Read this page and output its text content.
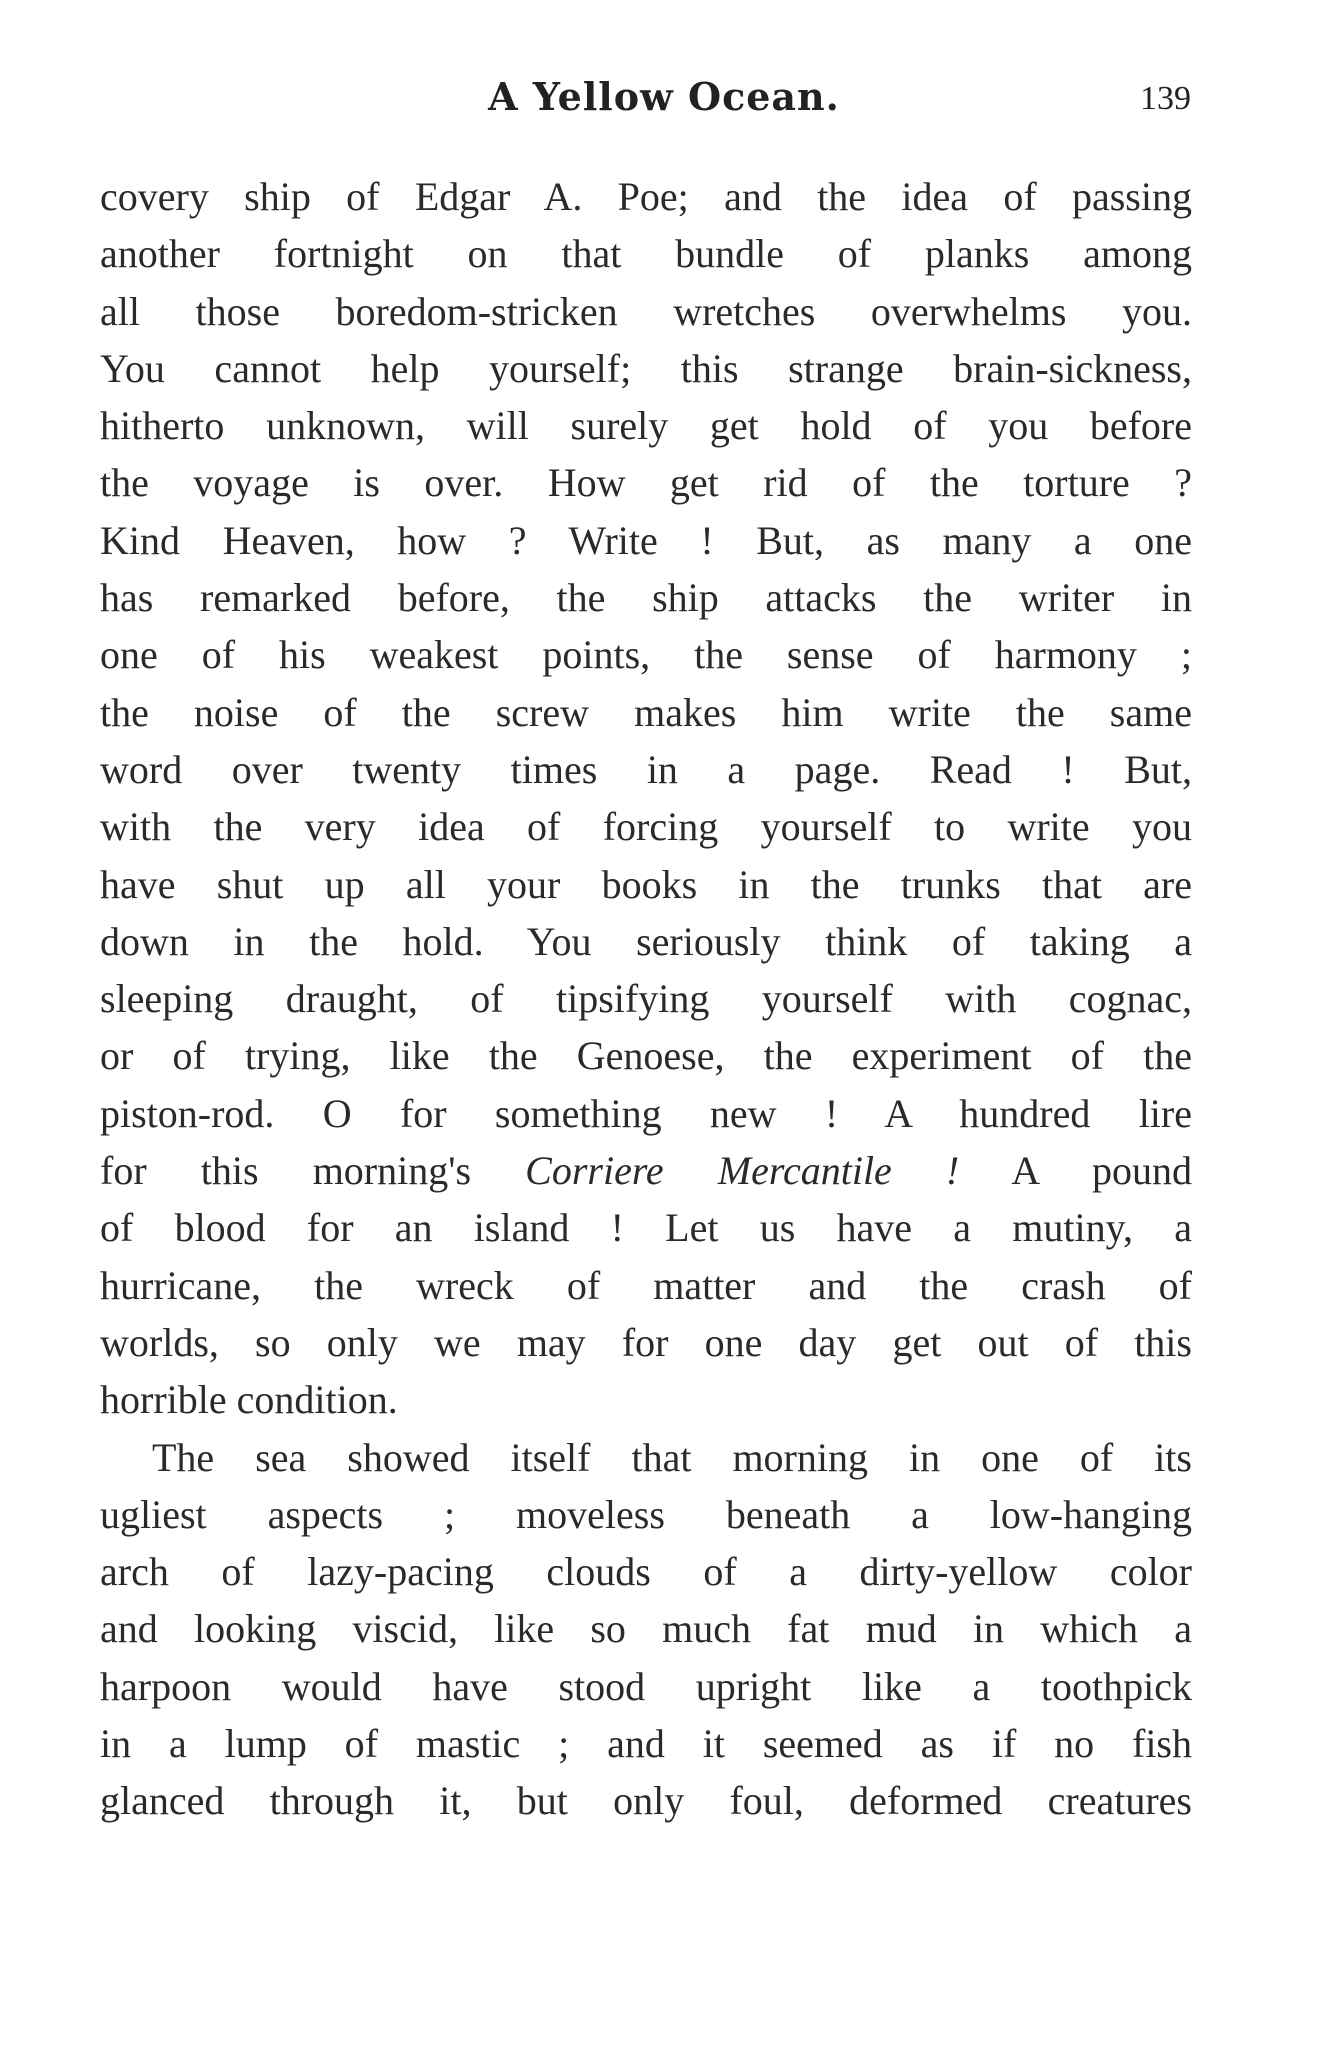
A Yellow Ocean.	139
covery ship of Edgar A. Poe; and the idea of passing
another fortnight on that bundle of planks among
all those boredom-stricken wretches overwhelms you.
You cannot help yourself; this strange brain-sickness,
hitherto unknown, will surely get hold of you before
the voyage is over. How get rid of the torture ?
Kind Heaven, how ? Write ! But, as many a one
has remarked before, the ship attacks the writer in
one of his weakest points, the sense of harmony ;
the noise of the screw makes him write the same
word over twenty times in a page. Read ! But,
with the very idea of forcing yourself to write you
have shut up all your books in the trunks that are
down in the hold. You seriously think of taking a
sleeping draught, of tipsifying yourself with cognac,
or of trying, like the Genoese, the experiment of the
piston-rod. O for something new ! A hundred lire
for this morning's Corriere Mercantile ! A pound
of blood for an island ! Let us have a mutiny, a
hurricane, the wreck of matter and the crash of
worlds, so only we may for one day get out of this
horrible condition.
The sea showed itself that morning in one of its
ugliest aspects ; moveless beneath a low-hanging
arch of lazy-pacing clouds of a dirty-yellow color
and looking viscid, like so much fat mud in which a
harpoon would have stood upright like a toothpick
in a lump of mastic ; and it seemed as if no fish
glanced through it, but only foul, deformed creatures
